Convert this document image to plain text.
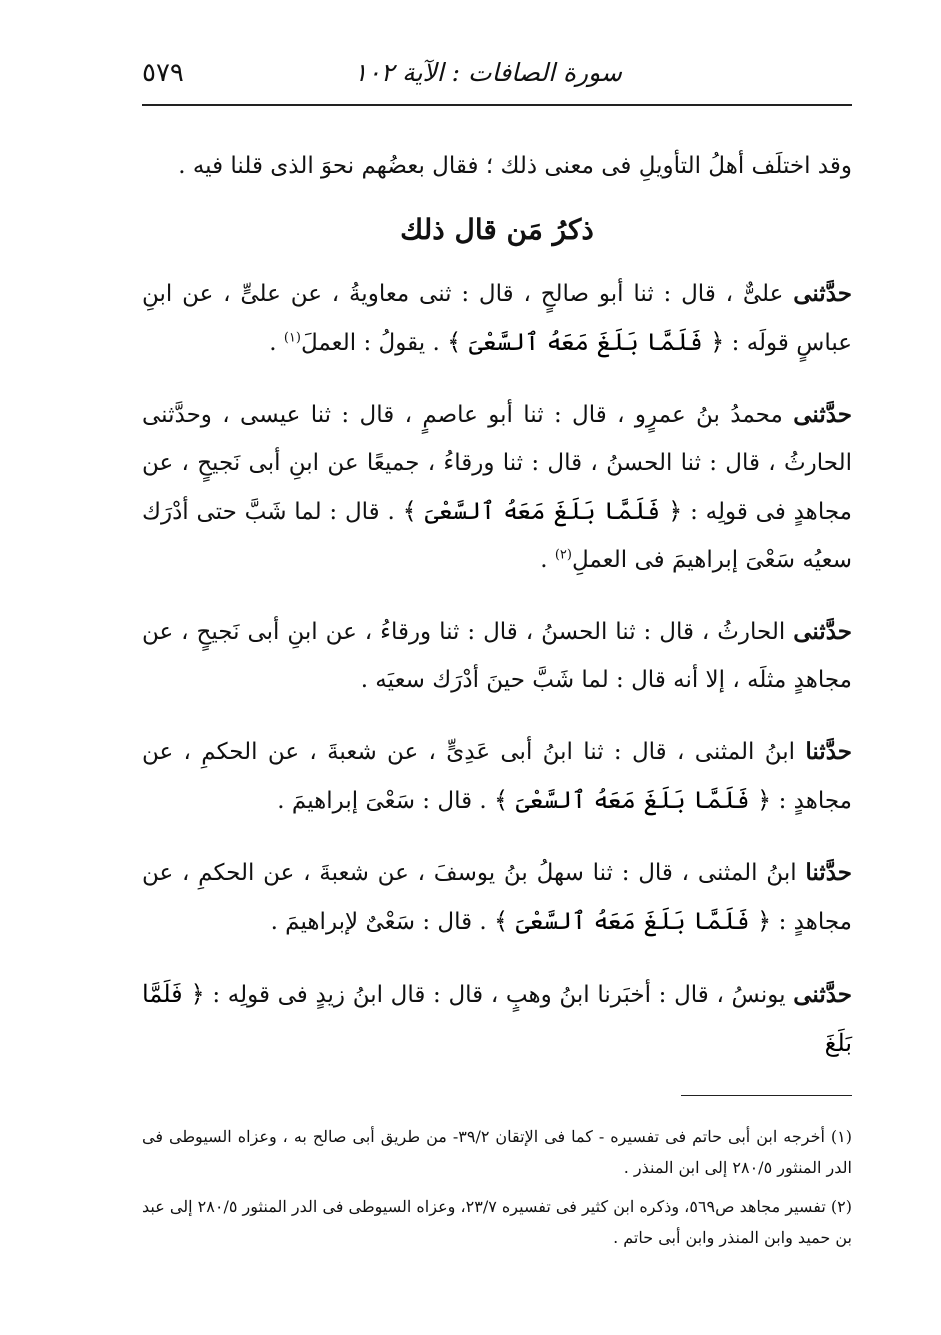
سورة الصافات : الآية ١٠٢
٥٧٩

وقد اختلَف أهلُ التأويلِ فى معنى ذلك ؛ فقال بعضُهم نحوَ الذى قلنا فيه .

ذكرُ مَن قال ذلك

حدَّثنى علىٌّ ، قال : ثنا أبو صالحٍ ، قال : ثنى معاويةُ ، عن علىٍّ ، عن ابنِ عباسٍ قولَه : ﴿ فَلَمَّا بَلَغَ مَعَهُ ٱلسَّعْىَ ﴾ . يقولُ : العملَ$^{(١)}$ .

حدَّثنى محمدُ بنُ عمرٍو ، قال : ثنا أبو عاصمٍ ، قال : ثنا عيسى ، وحدَّثنى الحارثُ ، قال : ثنا الحسنُ ، قال : ثنا ورقاءُ ، جميعًا عن ابنِ أبى نَجيحٍ ، عن مجاهدٍ فى قولِه : ﴿ فَلَمَّا بَلَغَ مَعَهُ ٱلسَّعْىَ ﴾ . قال : لما شَبَّ حتى أدْرَك سعيُه سَعْىَ إبراهيمَ فى العملِ$^{(٢)}$ .

حدَّثنى الحارثُ ، قال : ثنا الحسنُ ، قال : ثنا ورقاءُ ، عن ابنِ أبى نَجيحٍ ، عن مجاهدٍ مثلَه ، إلا أنه قال : لما شَبَّ حينَ أدْرَك سعيَه .

حدَّثنا ابنُ المثنى ، قال : ثنا ابنُ أبى عَدِىٍّ ، عن شعبةَ ، عن الحكمِ ، عن مجاهدٍ : ﴿ فَلَمَّا بَلَغَ مَعَهُ ٱلسَّعْىَ ﴾ . قال : سَعْىَ إبراهيمَ .

حدَّثنا ابنُ المثنى ، قال : ثنا سهلُ بنُ يوسفَ ، عن شعبةَ ، عن الحكمِ ، عن مجاهدٍ : ﴿ فَلَمَّا بَلَغَ مَعَهُ ٱلسَّعْىَ ﴾ . قال : سَعْىٌ لإبراهيمَ .

حدَّثنى يونسُ ، قال : أخبَرنا ابنُ وهبٍ ، قال : قال ابنُ زيدٍ فى قولِه : ﴿ فَلَمَّا بَلَغَ

(١) أخرجه ابن أبى حاتم فى تفسيره - كما فى الإتقان ٣٩/٢- من طريق أبى صالح به ، وعزاه السيوطى فى الدر المنثور ٢٨٠/٥ إلى ابن المنذر .

(٢) تفسير مجاهد ص٥٦٩، وذكره ابن كثير فى تفسيره ٢٣/٧، وعزاه السيوطى فى الدر المنثور ٢٨٠/٥ إلى عبد بن حميد وابن المنذر وابن أبى حاتم .
